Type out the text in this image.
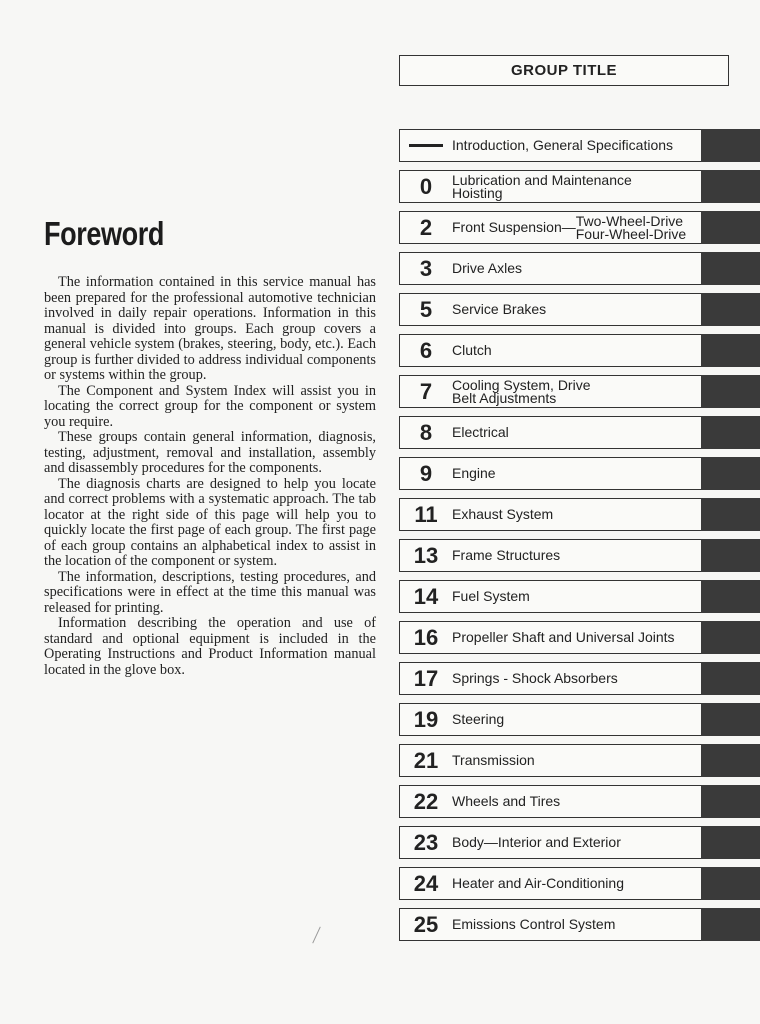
Foreword

The information contained in this service manual has been prepared for the professional automotive technician involved in daily repair operations. Information in this manual is divided into groups. Each group covers a general vehicle system (brakes, steering, body, etc.). Each group is further divided to address individual components or systems within the group.

The Component and System Index will assist you in locating the correct group for the component or system you require.

These groups contain general information, diagnosis, testing, adjustment, removal and installation, assembly and disassembly procedures for the components.

The diagnosis charts are designed to help you locate and correct problems with a systematic approach. The tab locator at the right side of this page will help you to quickly locate the first page of each group. The first page of each group contains an alphabetical index to assist in the location of the component or system.

The information, descriptions, testing procedures, and specifications were in effect at the time this manual was released for printing.

Information describing the operation and use of standard and optional equipment is included in the Operating Instructions and Product Information manual located in the glove box.

GROUP TITLE
Introduction, General Specifications
0	Lubrication and Maintenance
Hoisting
2	Front Suspension— Two-Wheel-Drive
Four-Wheel-Drive
3	Drive Axles
5	Service Brakes
6	Clutch
7	Cooling System, Drive
Belt Adjustments
8	Electrical
9	Engine
11	Exhaust System
13 Frame Structures
14 Fuel System
16 Propeller Shaft and Universal Joints
17 Springs - Shock Absorbers
19 Steering
21 Transmission
22 Wheels and Tires
23 Body—Interior and Exterior
24 Heater and Air-Conditioning
25 Emissions Control System
